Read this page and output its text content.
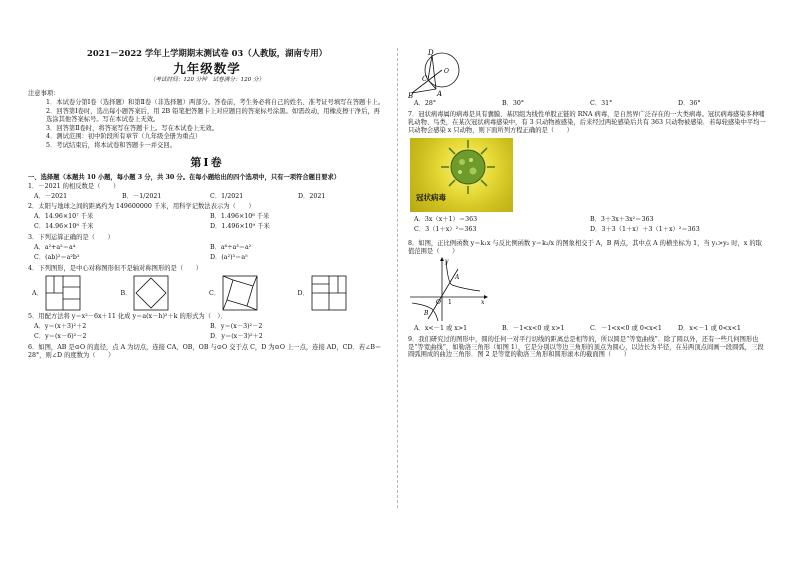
2021－2022 学年上学期期末测试卷 03（人教版，湖南专用）
九年级数学
（考试时间：120 分钟　试卷满分：120 分）
注意事项：
1．本试卷分第Ⅰ卷（选择题）和第Ⅱ卷（非选择题）两部分。答卷前，考生务必将自己的姓名、准考证号填写在答题卡上。
2．回答第Ⅰ卷时，选出每小题答案后，用 2B 铅笔把答题卡上对应题目的答案标号涂黑。如需改动，用橡皮擦干净后，再选涂其他答案标号。写在本试卷上无效。
3．回答第Ⅱ卷时，将答案写在答题卡上。写在本试卷上无效。
4．测试范围：初中阶段所有章节（九年级全册为重点）
5．考试结束后，将本试卷和答题卡一并交回。
第Ⅰ卷
一、选择题（本题共 10 小题，每小题 3 分，共 30 分。在每小题给出的四个选项中，只有一项符合题目要求）
1．－2021 的相反数是（　　）
A．－2021	B．－1/2021	C．1/2021	D．2021
2．太阳与地球之间的距离约为 149600000 千米，用科学记数法表示为（　　）
A．14.96×10⁷ 千米	B．1.496×10⁸ 千米
C．14.96×10⁸ 千米	D．1.496×10⁹ 千米
3．下列运算正确的是（　　）
A．a²+a²＝a⁴	B．a⁶÷a³＝a²
C．(ab)²＝a²b²	D．(a²)³＝a⁵
4．下列图形，是中心对称图形但不是轴对称图形的是（　　）
A．	B．	C．	D．
5．用配方法将 y＝x²－6x＋11 化成 y＝a(x－h)²＋k 的形式为（　）．
A．y＝(x＋3)²＋2	B．y＝(x－3)²－2
C．y＝(x－6)²－2	D．y＝(x－3)²＋2
6．如图，AB 是⊙O 的直径，点 A 为切点，连接 CA，OB，OB 与⊙O 交于点 C，D 为⊙O 上一点，连接 AD，CD．若∠B＝28°，则∠D 的度数为（　　）
D
C
B	A
O
A．28°	B．30°	C．31°	D．36°
7．冠状病毒属的病毒是具有囊膜、基因组为线性单股正链的 RNA 病毒，是自然界广泛存在的一大类病毒。冠状病毒感染多种哺乳动物、鸟类，在某次冠状病毒感染中，有 3 只动物被感染，后来经过两轮感染后共有 363 只动物被感染．若每轮感染中平均一只动物会感染 x 只动物，则下面所列方程正确的是（　　）
冠状病毒
A．3x（x＋1）＝363	B．3＋3x＋3x²＝363
C．3（1＋x）²＝363	D．3＋3（1＋x）＋3（1＋x）²＝363
8．如图，正比例函数 y＝k₁x 与反比例函数 y＝k₂/x 的图象相交于 A，B 两点，其中点 A 的横坐标为 1，当 y₁>y₂ 时，x 的取值范围是（　　）
y
A
O 1	x
B
A．x<－1 或 x>1	B．－1<x<0 或 x>1	C．－1<x<0 或 0<x<1	D．x<－1 或 0<x<1
9．我们研究过的图形中，圆的任何一对平行切线的距离总是相等的，所以圆是“等宽曲线”．除了圆以外，还有一些几何图形也是“等宽曲线”，如勒洛三角形（如图 1），它是分别以等边三角形的顶点为圆心，以边长为半径，在另两顶点间画一段圆弧，三段圆弧围成的曲边三角形．图 2 是等宽的勒洛三角形和圆形滚木的截面图（　　）
